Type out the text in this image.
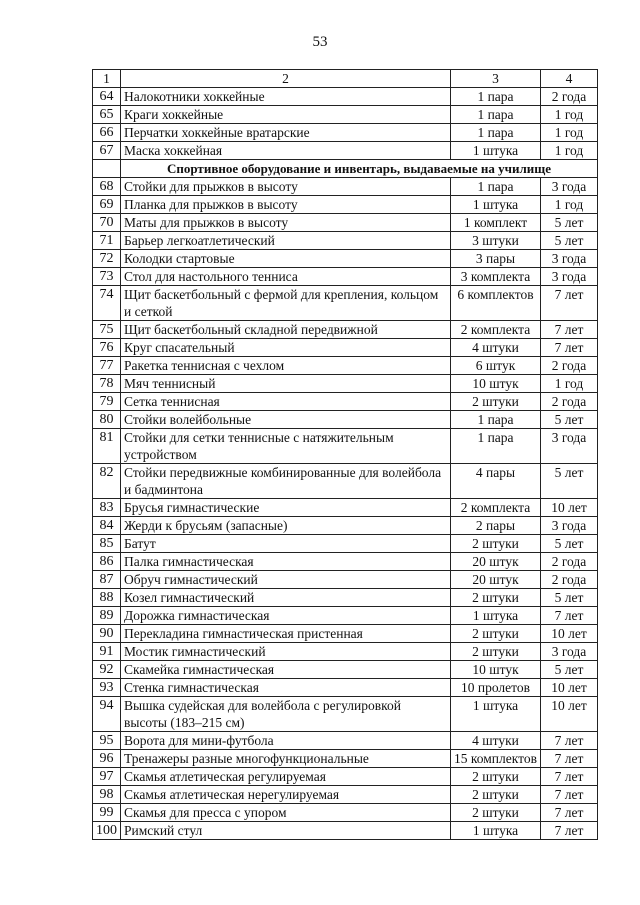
53
1	2	3	4
64	Налокотники хоккейные	1 пара	2 года
65	Краги хоккейные	1 пара	1 год
66	Перчатки хоккейные вратарские	1 пара	1 год
67	Маска хоккейная	1 штука	1 год
	Спортивное оборудование и инвентарь, выдаваемые на училище		
68	Стойки для прыжков в высоту	1 пара	3 года
69	Планка для прыжков в высоту	1 штука	1 год
70	Маты для прыжков в высоту	1 комплект	5 лет
71	Барьер легкоатлетический	3 штуки	5 лет
72	Колодки стартовые	3 пары	3 года
73	Стол для настольного тенниса	3 комплекта	3 года
74	Щит баскетбольный с фермой для крепления, кольцом и сеткой	6 комплектов	7 лет
75	Щит баскетбольный складной передвижной	2 комплекта	7 лет
76	Круг спасательный	4 штуки	7 лет
77	Ракетка теннисная с чехлом	6 штук	2 года
78	Мяч теннисный	10 штук	1 год
79	Сетка теннисная	2 штуки	2 года
80	Стойки волейбольные	1 пара	5 лет
81	Стойки для сетки теннисные с натяжительным устройством	1 пара	3 года
82	Стойки передвижные комбинированные для волейбола и бадминтона	4 пары	5 лет
83	Брусья гимнастические	2 комплекта	10 лет
84	Жерди к брусьям (запасные)	2 пары	3 года
85	Батут	2 штуки	5 лет
86	Палка гимнастическая	20 штук	2 года
87	Обруч гимнастический	20 штук	2 года
88	Козел гимнастический	2 штуки	5 лет
89	Дорожка гимнастическая	1 штука	7 лет
90	Перекладина гимнастическая пристенная	2 штуки	10 лет
91	Мостик гимнастический	2 штуки	3 года
92	Скамейка гимнастическая	10 штук	5 лет
93	Стенка гимнастическая	10 пролетов	10 лет
94	Вышка судейская для волейбола с регулировкой высоты (183–215 см)	1 штука	10 лет
95	Ворота для мини-футбола	4 штуки	7 лет
96	Тренажеры разные многофункциональные	15 комплектов	7 лет
97	Скамья атлетическая регулируемая	2 штуки	7 лет
98	Скамья атлетическая нерегулируемая	2 штуки	7 лет
99	Скамья для пресса с упором	2 штуки	7 лет
100	Римский стул	1 штука	7 лет
